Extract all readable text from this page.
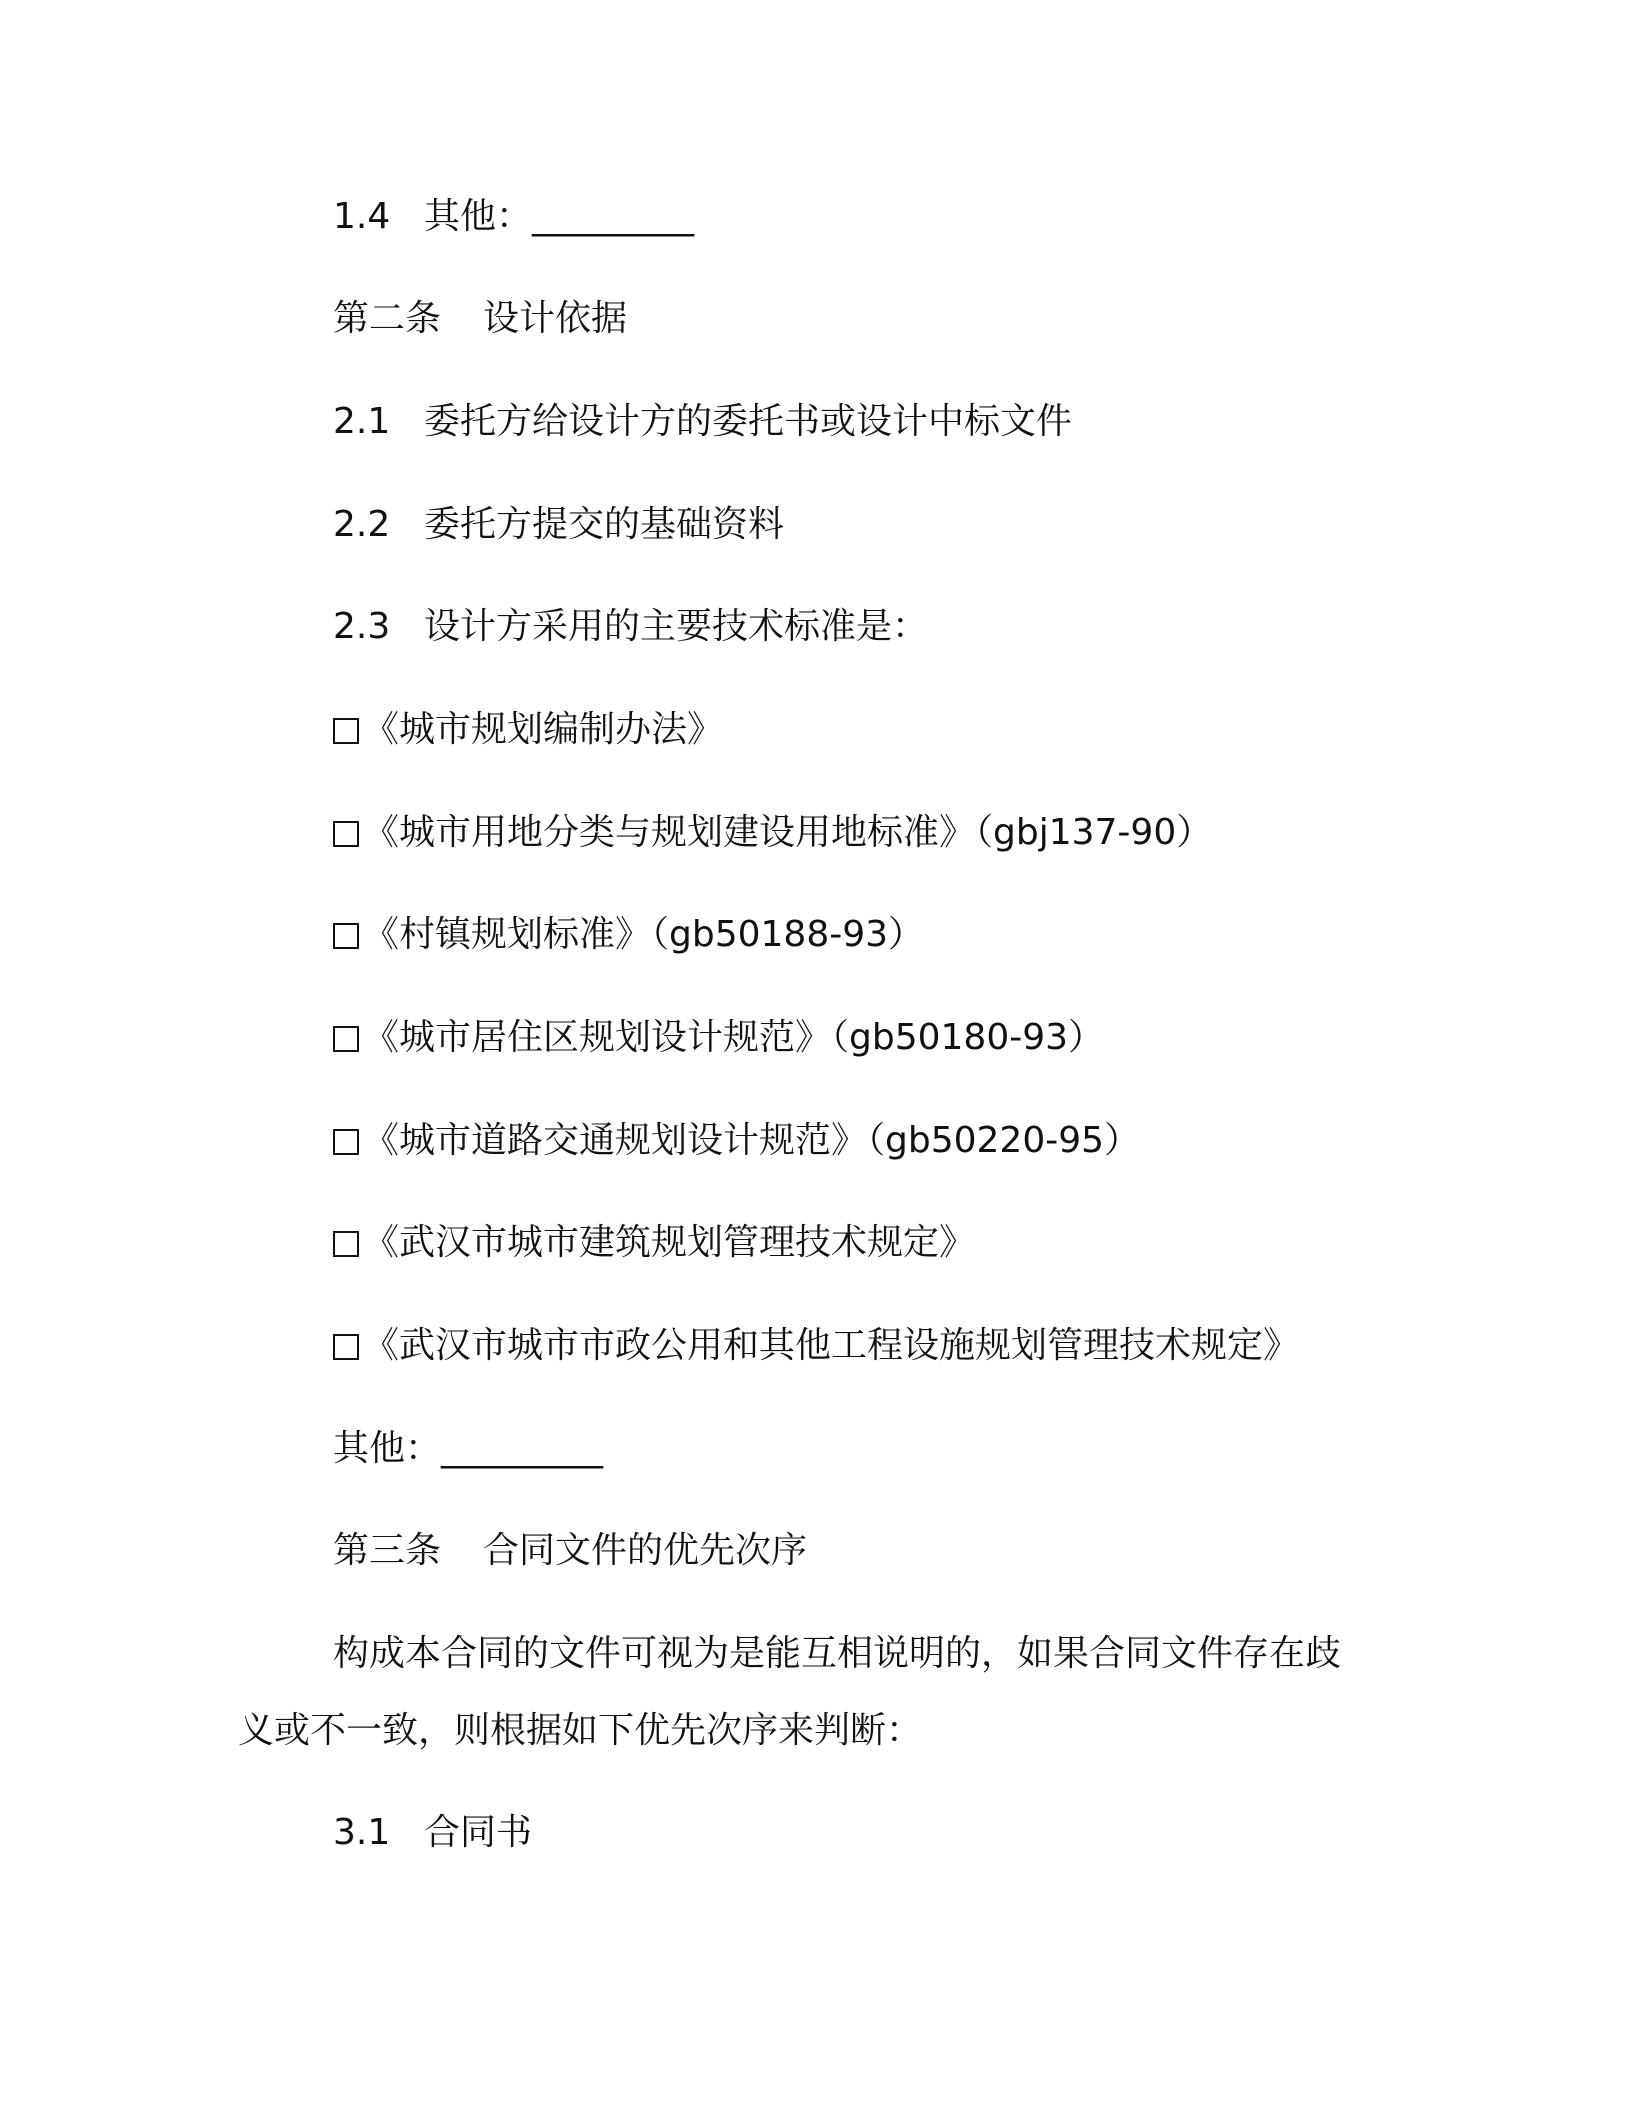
1.4 其他：_________
第二条 设计依据
2.1 委托方给设计方的委托书或设计中标文件
2.2 委托方提交的基础资料
2.3 设计方采用的主要技术标准是：
《城市规划编制办法》
《城市用地分类与规划建设用地标准》（gbj137-90）
《村镇规划标准》（gb50188-93）
《城市居住区规划设计规范》（gb50180-93）
《城市道路交通规划设计规范》（gb50220-95）
《武汉市城市建筑规划管理技术规定》
《武汉市城市市政公用和其他工程设施规划管理技术规定》
其他：_________
第三条 合同文件的优先次序
构成本合同的文件可视为是能互相说明的，如果合同文件存在歧
义或不一致，则根据如下优先次序来判断：
3.1 合同书
